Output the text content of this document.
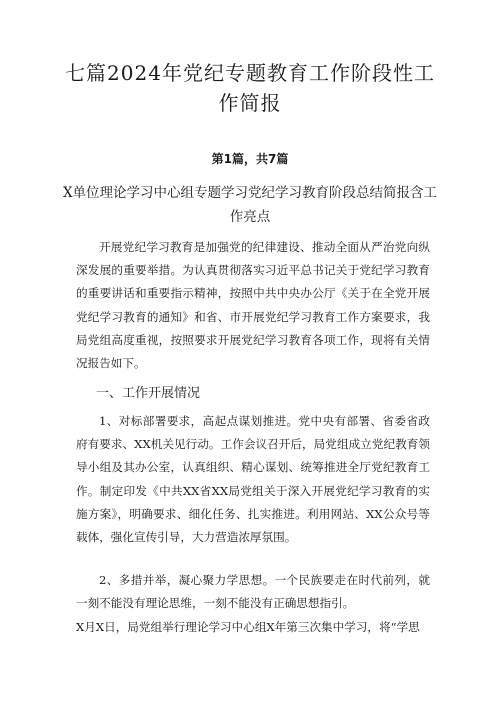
七篇2024年党纪专题教育工作阶段性工作简报
第1篇，共7篇
X单位理论学习中心组专题学习党纪学习教育阶段总结简报含工作亮点

开展党纪学习教育是加强党的纪律建设、推动全面从严治党向纵深发展的重要举措。为认真贯彻落实习近平总书记关于党纪学习教育的重要讲话和重要指示精神，按照中共中央办公厅《关于在全党开展党纪学习教育的通知》和省、市开展党纪学习教育工作方案要求，我局党组高度重视，按照要求开展党纪学习教育各项工作，现将有关情况报告如下。

一、工作开展情况

1、对标部署要求，高起点谋划推进。党中央有部署、省委省政府有要求、XX机关见行动。工作会议召开后，局党组成立党纪教育领导小组及其办公室，认真组织、精心谋划、统筹推进全厅党纪教育工作。制定印发《中共XX省XX局党组关于深入开展党纪学习教育的实施方案》，明确要求、细化任务、扎实推进。利用网站、XX公众号等载体，强化宣传引导，大力营造浓厚氛围。

2、多措并举，凝心聚力学思想。一个民族要走在时代前列，就一刻不能没有理论思维，一刻不能没有正确思想指引。

X月X日，局党组举行理论学习中心组X年第三次集中学习，将“学思
